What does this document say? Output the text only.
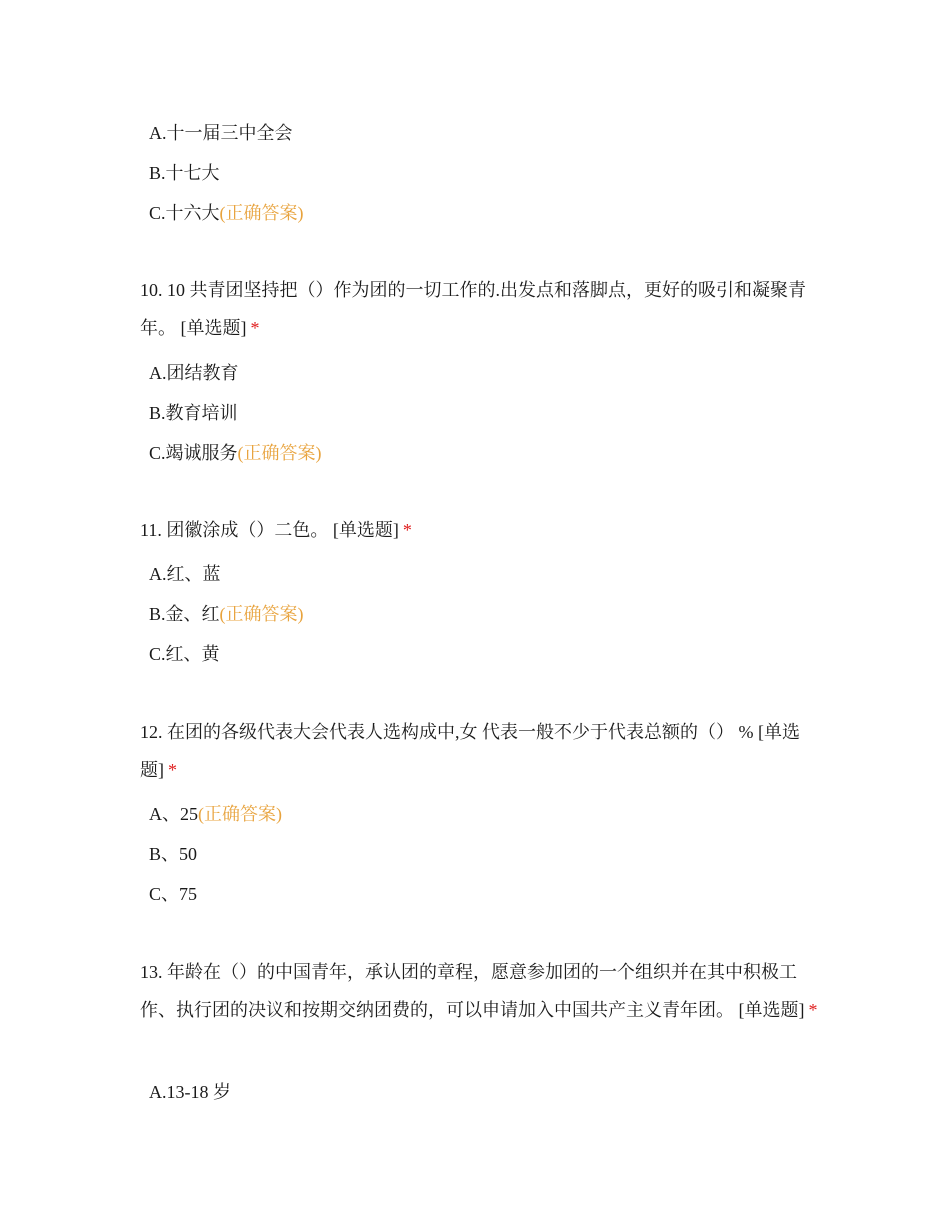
A.十一届三中全会
B.十七大
C.十六大(正确答案)
10. 10 共青团坚持把（）作为团的一切工作的.出发点和落脚点，更好的吸引和凝聚青年。 [单选题] *
A.团结教育
B.教育培训
C.竭诚服务(正确答案)
11. 团徽涂成（）二色。 [单选题] *
A.红、蓝
B.金、红(正确答案)
C.红、黄
12. 在团的各级代表大会代表人选构成中,女 代表一般不少于代表总额的（） % [单选题] *
A、25(正确答案)
B、50
C、75
13. 年龄在（）的中国青年，承认团的章程，愿意参加团的一个组织并在其中积极工作、执行团的决议和按期交纳团费的，可以申请加入中国共产主义青年团。 [单选题] *
A.13-18 岁
